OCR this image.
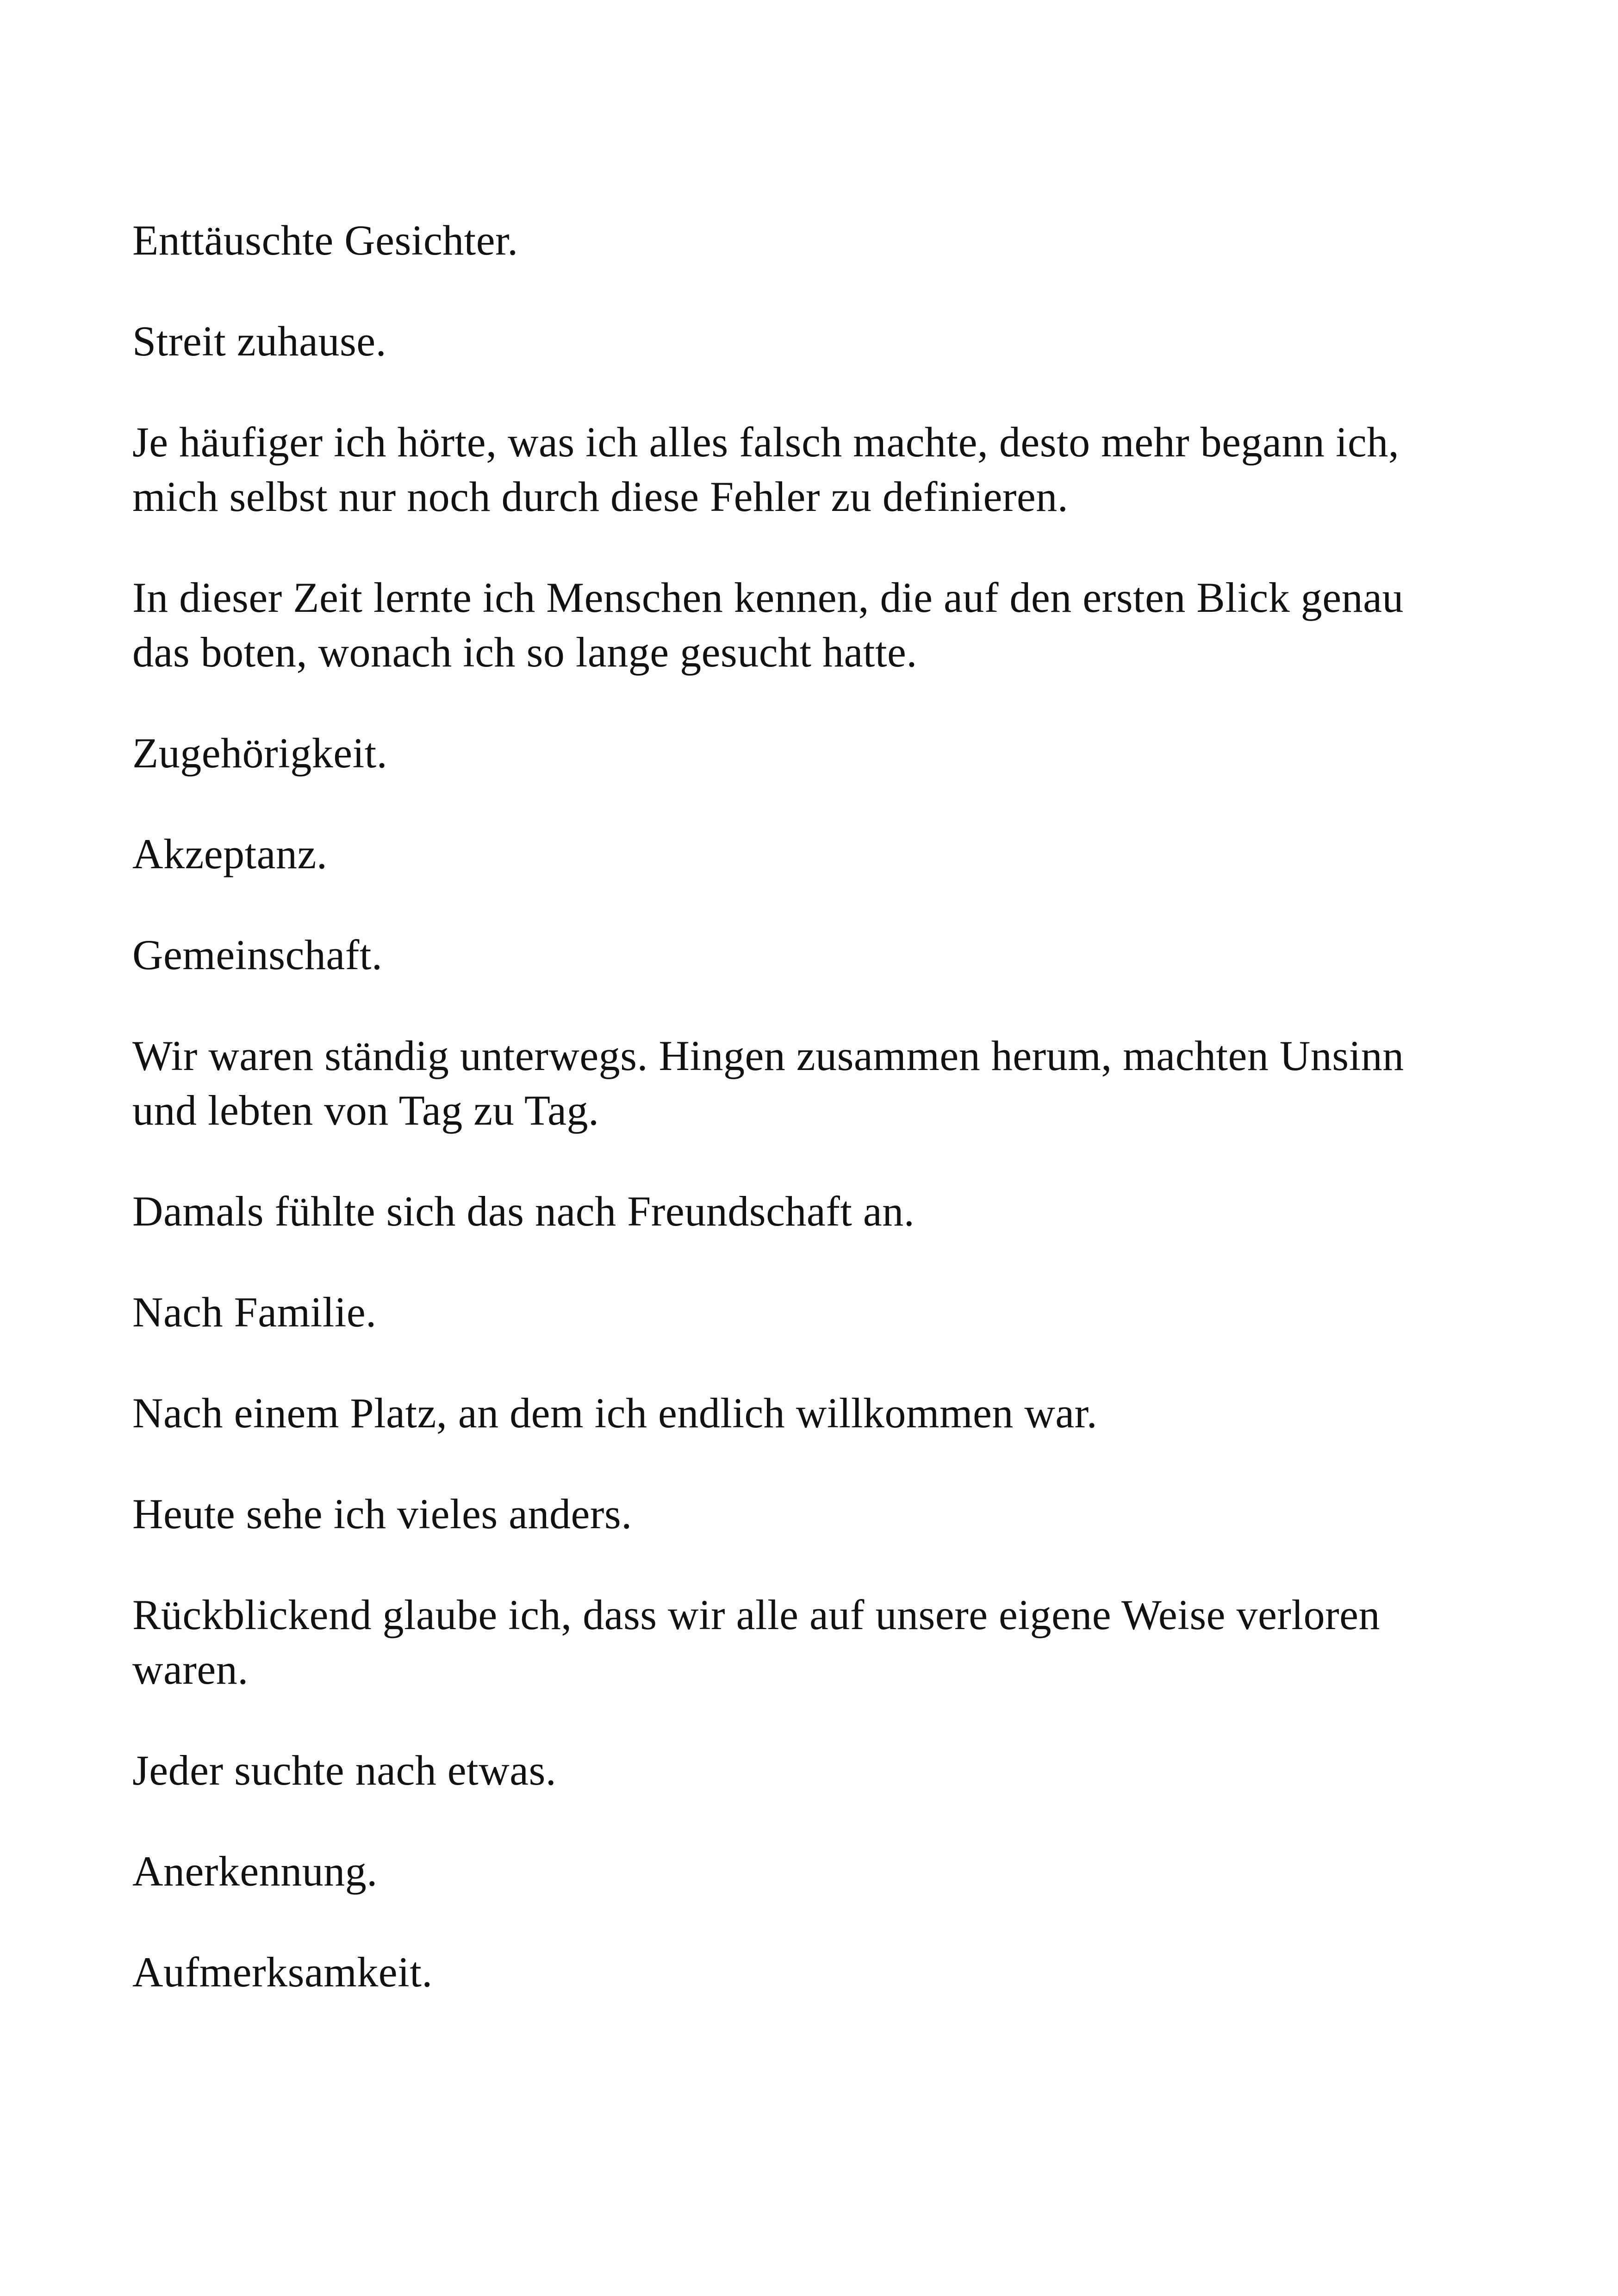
Enttäuschte Gesichter.

Streit zuhause.

Je häufiger ich hörte, was ich alles falsch machte, desto mehr begann ich, mich selbst nur noch durch diese Fehler zu definieren.

In dieser Zeit lernte ich Menschen kennen, die auf den ersten Blick genau das boten, wonach ich so lange gesucht hatte.

Zugehörigkeit.

Akzeptanz.

Gemeinschaft.

Wir waren ständig unterwegs. Hingen zusammen herum, machten Unsinn und lebten von Tag zu Tag.

Damals fühlte sich das nach Freundschaft an.

Nach Familie.

Nach einem Platz, an dem ich endlich willkommen war.

Heute sehe ich vieles anders.

Rückblickend glaube ich, dass wir alle auf unsere eigene Weise verloren waren.

Jeder suchte nach etwas.

Anerkennung.

Aufmerksamkeit.
